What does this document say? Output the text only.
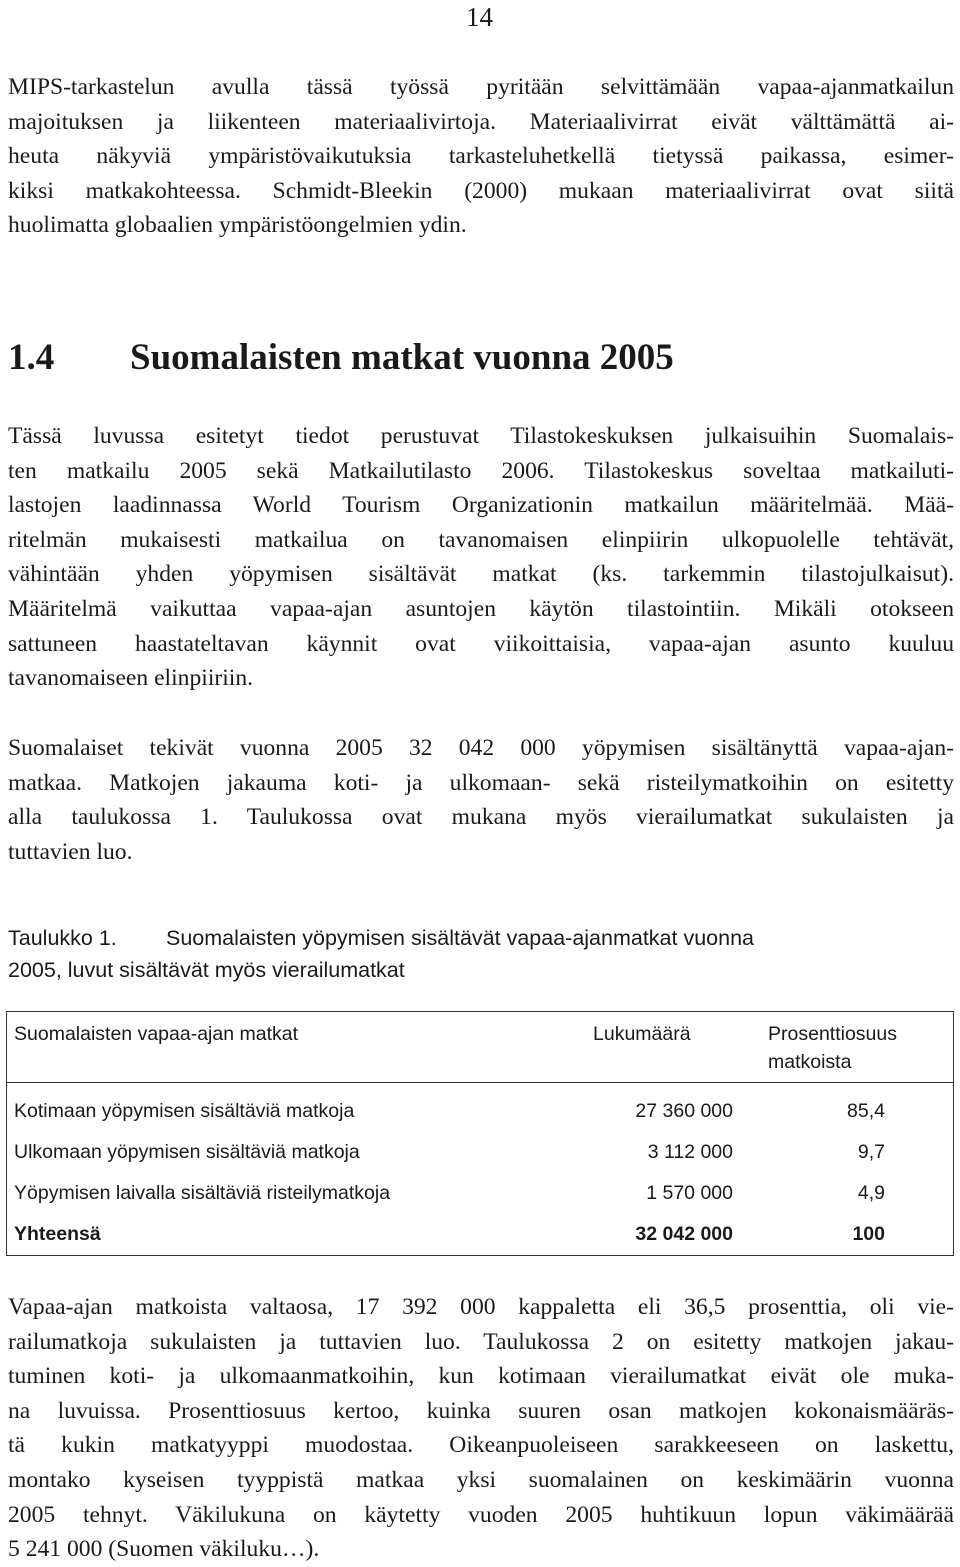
14

MIPS-tarkastelun avulla tässä työssä pyritään selvittämään vapaa-ajanmatkailun
majoituksen ja liikenteen materiaalivirtoja. Materiaalivirrat eivät välttämättä ai-
heuta näkyviä ympäristövaikutuksia tarkasteluhetkellä tietyssä paikassa, esimer-
kiksi matkakohteessa. Schmidt-Bleekin (2000) mukaan materiaalivirrat ovat siitä
huolimatta globaalien ympäristöongelmien ydin.

1.4 Suomalaisten matkat vuonna 2005

Tässä luvussa esitetyt tiedot perustuvat Tilastokeskuksen julkaisuihin Suomalais-
ten matkailu 2005 sekä Matkailutilasto 2006. Tilastokeskus soveltaa matkailuti-
lastojen laadinnassa World Tourism Organizationin matkailun määritelmää. Mää-
ritelmän mukaisesti matkailua on tavanomaisen elinpiirin ulkopuolelle tehtävät,
vähintään yhden yöpymisen sisältävät matkat (ks. tarkemmin tilastojulkaisut).
Määritelmä vaikuttaa vapaa-ajan asuntojen käytön tilastointiin. Mikäli otokseen
sattuneen haastateltavan käynnit ovat viikoittaisia, vapaa-ajan asunto kuuluu
tavanomaiseen elinpiiriin.

Suomalaiset tekivät vuonna 2005 32 042 000 yöpymisen sisältänyttä vapaa-ajan-
matkaa. Matkojen jakauma koti- ja ulkomaan- sekä risteilymatkoihin on esitetty
alla taulukossa 1. Taulukossa ovat mukana myös vierailumatkat sukulaisten ja
tuttavien luo.

Taulukko 1. Suomalaisten yöpymisen sisältävät vapaa-ajanmatkat vuonna
2005, luvut sisältävät myös vierailumatkat

Suomalaisten vapaa-ajan matkat	Lukumäärä	Prosenttiosuus matkoista
Kotimaan yöpymisen sisältäviä matkoja	27 360 000	85,4
Ulkomaan yöpymisen sisältäviä matkoja	3 112 000	9,7
Yöpymisen laivalla sisältäviä risteilymatkoja	1 570 000	4,9
Yhteensä	32 042 000	100

Vapaa-ajan matkoista valtaosa, 17 392 000 kappaletta eli 36,5 prosenttia, oli vie-
railumatkoja sukulaisten ja tuttavien luo. Taulukossa 2 on esitetty matkojen jakau-
tuminen koti- ja ulkomaanmatkoihin, kun kotimaan vierailumatkat eivät ole muka-
na luvuissa. Prosenttiosuus kertoo, kuinka suuren osan matkojen kokonaismääräs-
tä kukin matkatyyppi muodostaa. Oikeanpuoleiseen sarakkeeseen on laskettu,
montako kyseisen tyyppistä matkaa yksi suomalainen on keskimäärin vuonna
2005 tehnyt. Väkilukuna on käytetty vuoden 2005 huhtikuun lopun väkimäärää
5 241 000 (Suomen väkiluku…).
